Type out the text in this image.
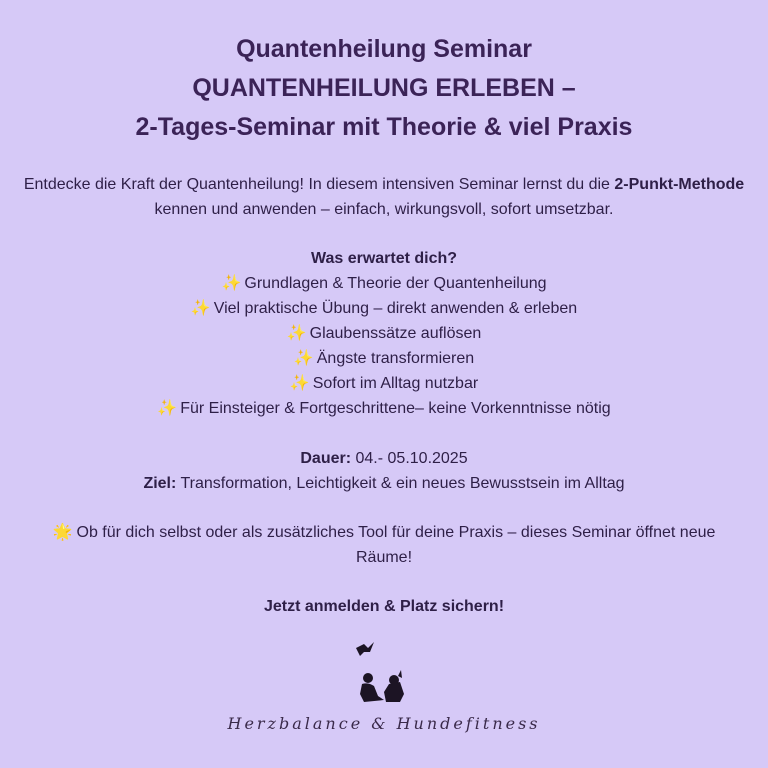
Quantenheilung Seminar
QUANTENHEILUNG ERLEBEN –
2-Tages-Seminar mit Theorie & viel Praxis
Entdecke die Kraft der Quantenheilung! In diesem intensiven Seminar lernst du die 2-Punkt-Methode kennen und anwenden – einfach, wirkungsvoll, sofort umsetzbar.
Was erwartet dich?
✨ Grundlagen & Theorie der Quantenheilung
✨ Viel praktische Übung – direkt anwenden & erleben
✨ Glaubenssätze auflösen
✨ Ängste transformieren
✨ Sofort im Alltag nutzbar
✨ Für Einsteiger & Fortgeschrittene– keine Vorkenntnisse nötig
Dauer: 04.- 05.10.2025
Ziel: Transformation, Leichtigkeit & ein neues Bewusstsein im Alltag
🌟 Ob für dich selbst oder als zusätzliches Tool für deine Praxis – dieses Seminar öffnet neue Räume!
Jetzt anmelden & Platz sichern!
Herzbalance & Hundefitness
